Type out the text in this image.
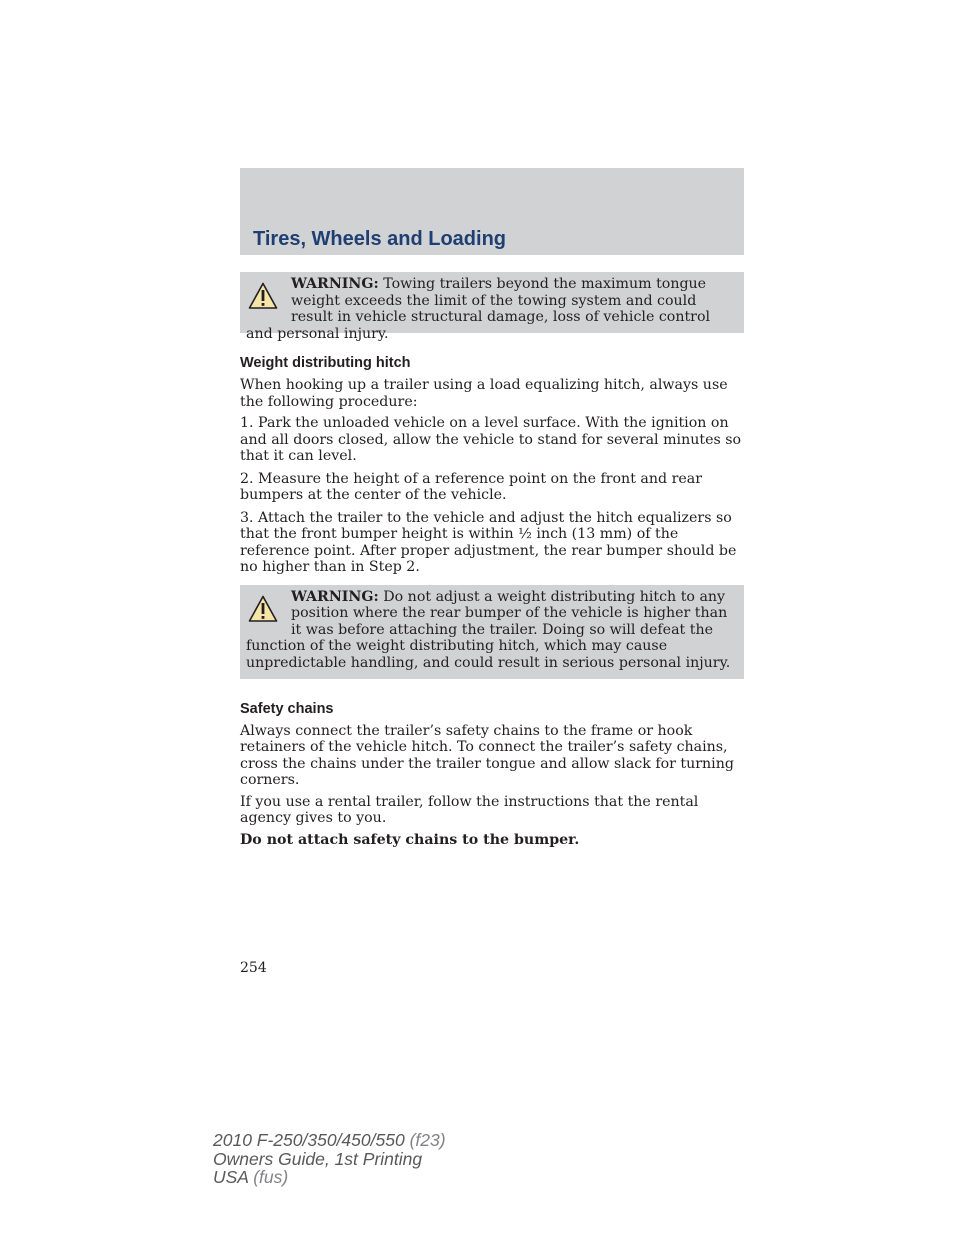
Tires, Wheels and Loading

WARNING: Towing trailers beyond the maximum tongue weight exceeds the limit of the towing system and could result in vehicle structural damage, loss of vehicle control and personal injury.

Weight distributing hitch

When hooking up a trailer using a load equalizing hitch, always use the following procedure:

1. Park the unloaded vehicle on a level surface. With the ignition on and all doors closed, allow the vehicle to stand for several minutes so that it can level.

2. Measure the height of a reference point on the front and rear bumpers at the center of the vehicle.

3. Attach the trailer to the vehicle and adjust the hitch equalizers so that the front bumper height is within ½ inch (13 mm) of the reference point. After proper adjustment, the rear bumper should be no higher than in Step 2.

WARNING: Do not adjust a weight distributing hitch to any position where the rear bumper of the vehicle is higher than it was before attaching the trailer. Doing so will defeat the function of the weight distributing hitch, which may cause unpredictable handling, and could result in serious personal injury.

Safety chains

Always connect the trailer’s safety chains to the frame or hook retainers of the vehicle hitch. To connect the trailer’s safety chains, cross the chains under the trailer tongue and allow slack for turning corners.

If you use a rental trailer, follow the instructions that the rental agency gives to you.

Do not attach safety chains to the bumper.

254
2010 F-250/350/450/550 (f23)
Owners Guide, 1st Printing
USA (fus)
